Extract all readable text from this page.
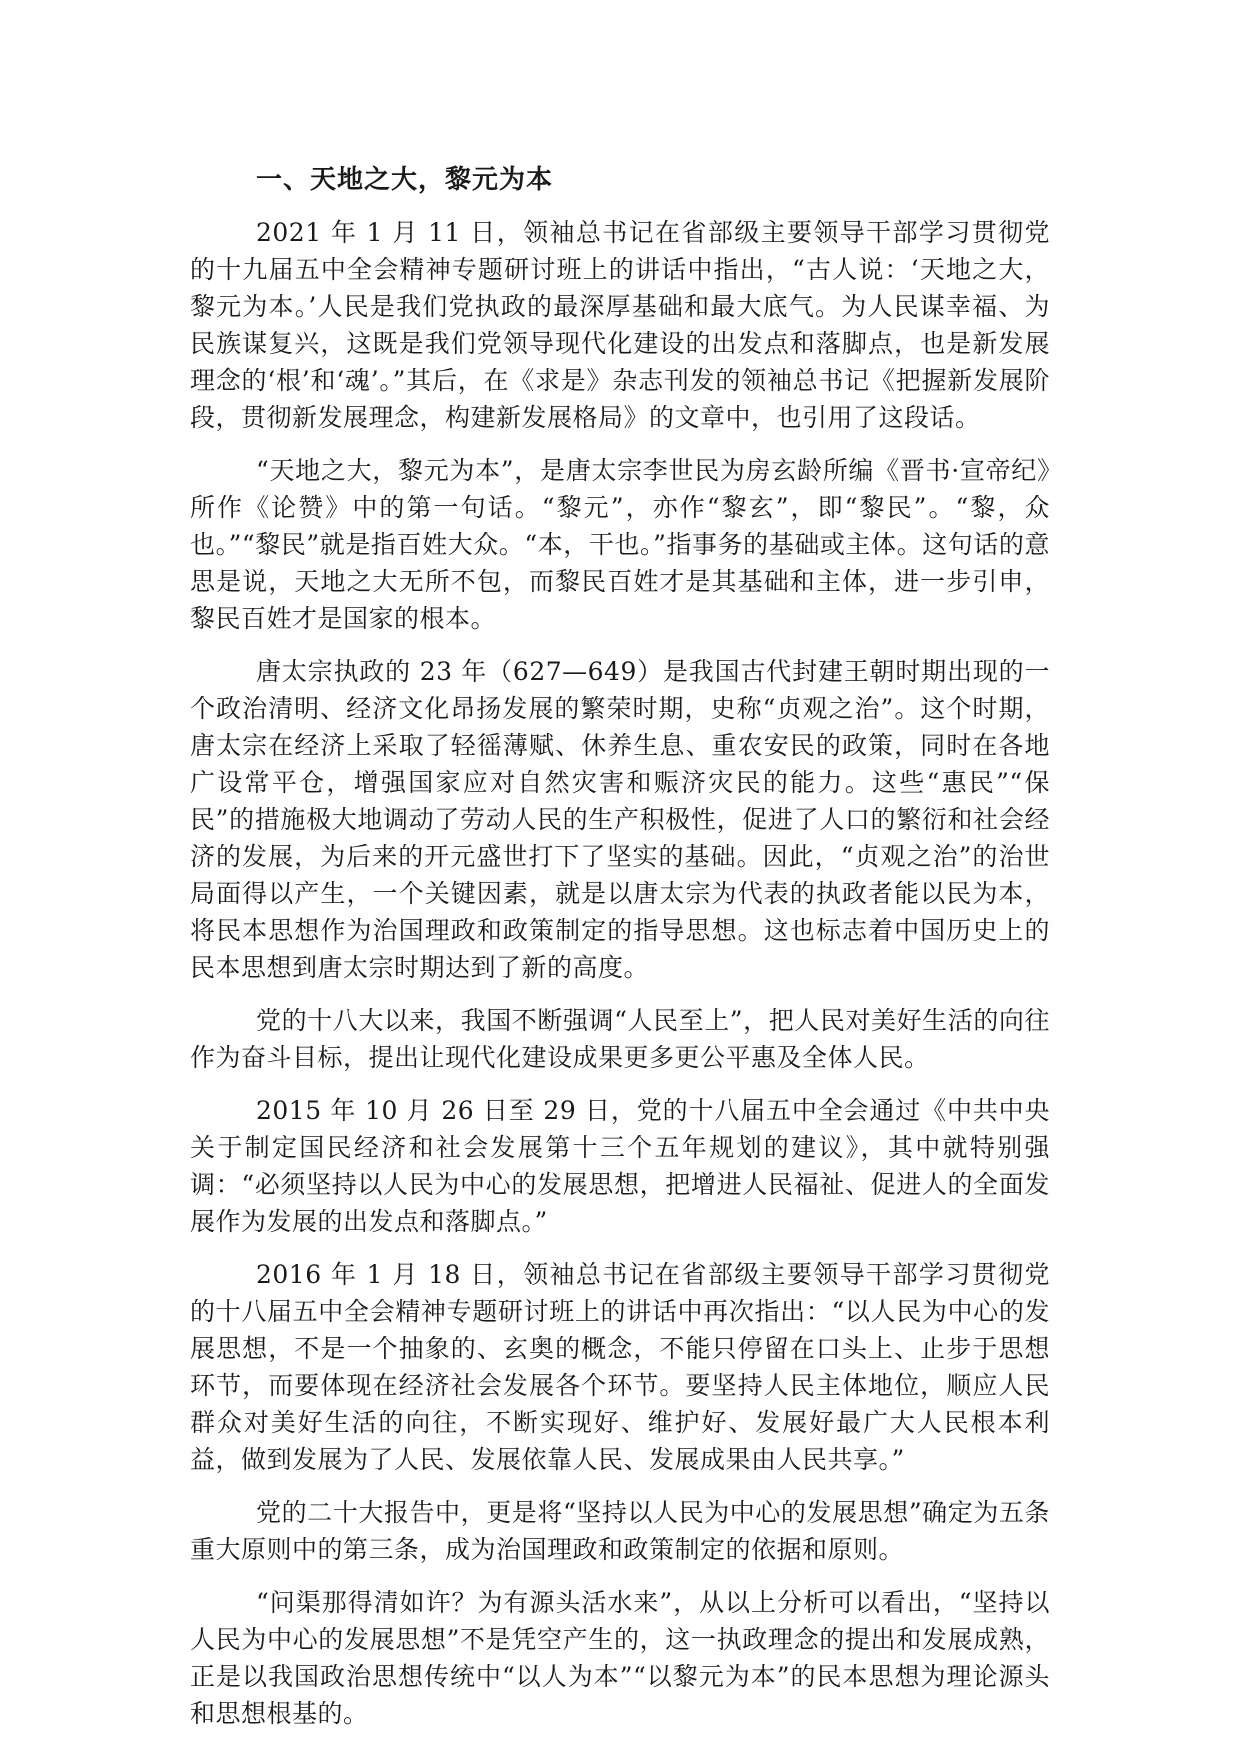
一、天地之大，黎元为本

2021 年 1 月 11 日，领袖总书记在省部级主要领导干部学习贯彻党的十九届五中全会精神专题研讨班上的讲话中指出，“古人说：‘天地之大，黎元为本。’人民是我们党执政的最深厚基础和最大底气。为人民谋幸福、为民族谋复兴，这既是我们党领导现代化建设的出发点和落脚点，也是新发展理念的‘根’和‘魂’。”其后，在《求是》杂志刊发的领袖总书记《把握新发展阶段，贯彻新发展理念，构建新发展格局》的文章中，也引用了这段话。

“天地之大，黎元为本”，是唐太宗李世民为房玄龄所编《晋书·宣帝纪》所作《论赞》中的第一句话。“黎元”，亦作“黎玄”，即“黎民”。“黎，众也。”“黎民”就是指百姓大众。“本，干也。”指事务的基础或主体。这句话的意思是说，天地之大无所不包，而黎民百姓才是其基础和主体，进一步引申，黎民百姓才是国家的根本。

唐太宗执政的 23 年（627—649）是我国古代封建王朝时期出现的一个政治清明、经济文化昂扬发展的繁荣时期，史称“贞观之治”。这个时期，唐太宗在经济上采取了轻徭薄赋、休养生息、重农安民的政策，同时在各地广设常平仓，增强国家应对自然灾害和赈济灾民的能力。这些“惠民”“保民”的措施极大地调动了劳动人民的生产积极性，促进了人口的繁衍和社会经济的发展，为后来的开元盛世打下了坚实的基础。因此，“贞观之治”的治世局面得以产生，一个关键因素，就是以唐太宗为代表的执政者能以民为本，将民本思想作为治国理政和政策制定的指导思想。这也标志着中国历史上的民本思想到唐太宗时期达到了新的高度。

党的十八大以来，我国不断强调“人民至上”，把人民对美好生活的向往作为奋斗目标，提出让现代化建设成果更多更公平惠及全体人民。

2015 年 10 月 26 日至 29 日，党的十八届五中全会通过《中共中央关于制定国民经济和社会发展第十三个五年规划的建议》，其中就特别强调：“必须坚持以人民为中心的发展思想，把增进人民福祉、促进人的全面发展作为发展的出发点和落脚点。”

2016 年 1 月 18 日，领袖总书记在省部级主要领导干部学习贯彻党的十八届五中全会精神专题研讨班上的讲话中再次指出：“以人民为中心的发展思想，不是一个抽象的、玄奥的概念，不能只停留在口头上、止步于思想环节，而要体现在经济社会发展各个环节。要坚持人民主体地位，顺应人民群众对美好生活的向往，不断实现好、维护好、发展好最广大人民根本利益，做到发展为了人民、发展依靠人民、发展成果由人民共享。”

党的二十大报告中，更是将“坚持以人民为中心的发展思想”确定为五条重大原则中的第三条，成为治国理政和政策制定的依据和原则。

“问渠那得清如许？为有源头活水来”，从以上分析可以看出，“坚持以人民为中心的发展思想”不是凭空产生的，这一执政理念的提出和发展成熟，正是以我国政治思想传统中“以人为本”“以黎元为本”的民本思想为理论源头和思想根基的。
